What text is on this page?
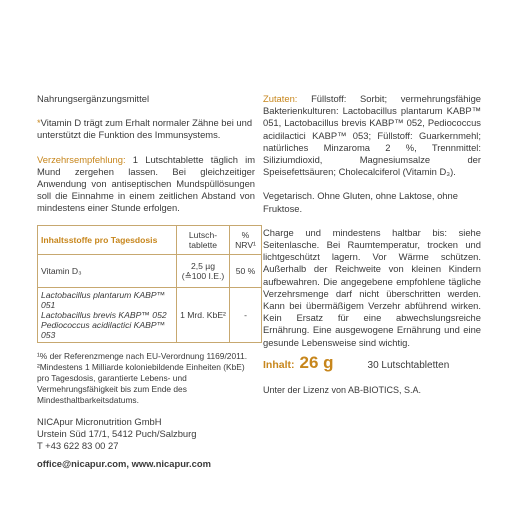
Nahrungsergänzungsmittel

*Vitamin D trägt zum Erhalt normaler Zähne bei und unterstützt die Funktion des Immunsystems.

Verzehrsempfehlung: 1 Lutschtablette täglich im Mund zergehen lassen. Bei gleichzeitiger Anwendung von antiseptischen Mundspüllösungen soll die Einnahme in einem zeitlichen Abstand von mindestens einer Stunde erfolgen.

Inhaltsstoffe pro Tagesdosis	Lutsch-tablette	% NRV¹
Vitamin D₃	2,5 µg (≙100 I.E.)	50 %
Lactobacillus plantarum KABP™ 051
Lactobacillus brevis KABP™ 052
Pediococcus acidilactici KABP™ 053	1 Mrd. KbE²	-

¹% der Referenzmenge nach EU-Verordnung 1169/2011.

²Mindestens 1 Milliarde koloniebildende Einheiten (KbE) pro Tagesdosis, garantierte Lebens- und Vermehrungsfähigkeit bis zum Ende des Mindesthaltbarkeitsdatums.

NICApur Micronutrition GmbH

Urstein Süd 17/1, 5412 Puch/Salzburg

T +43 622 83 00 27

office@nicapur.com, www.nicapur.com

Zutaten: Füllstoff: Sorbit; vermehrungsfähige Bakterienkulturen: Lactobacillus plantarum KABP™ 051, Lactobacillus brevis KABP™ 052, Pediococcus acidilactici KABP™ 053; Füllstoff: Guarkernmehl; natürliches Minzaroma 2 %, Trennmittel: Siliziumdioxid, Magnesiumsalze der Speisefettsäuren; Cholecalciferol (Vitamin D₃).

Vegetarisch. Ohne Gluten, ohne Laktose, ohne Fruktose.

Charge und mindestens haltbar bis: siehe Seitenlasche. Bei Raumtemperatur, trocken und lichtgeschützt lagern. Vor Wärme schützen. Außerhalb der Reichweite von kleinen Kindern aufbewahren. Die angegebene empfohlene tägliche Verzehrsmenge darf nicht überschritten werden. Kann bei übermäßigem Verzehr abführend wirken. Kein Ersatz für eine abwechslungsreiche Ernährung. Eine ausgewogene Ernährung und eine gesunde Lebensweise sind wichtig.

Inhalt: 26 g	30 Lutschtabletten

Unter der Lizenz von AB-BIOTICS, S.A.
